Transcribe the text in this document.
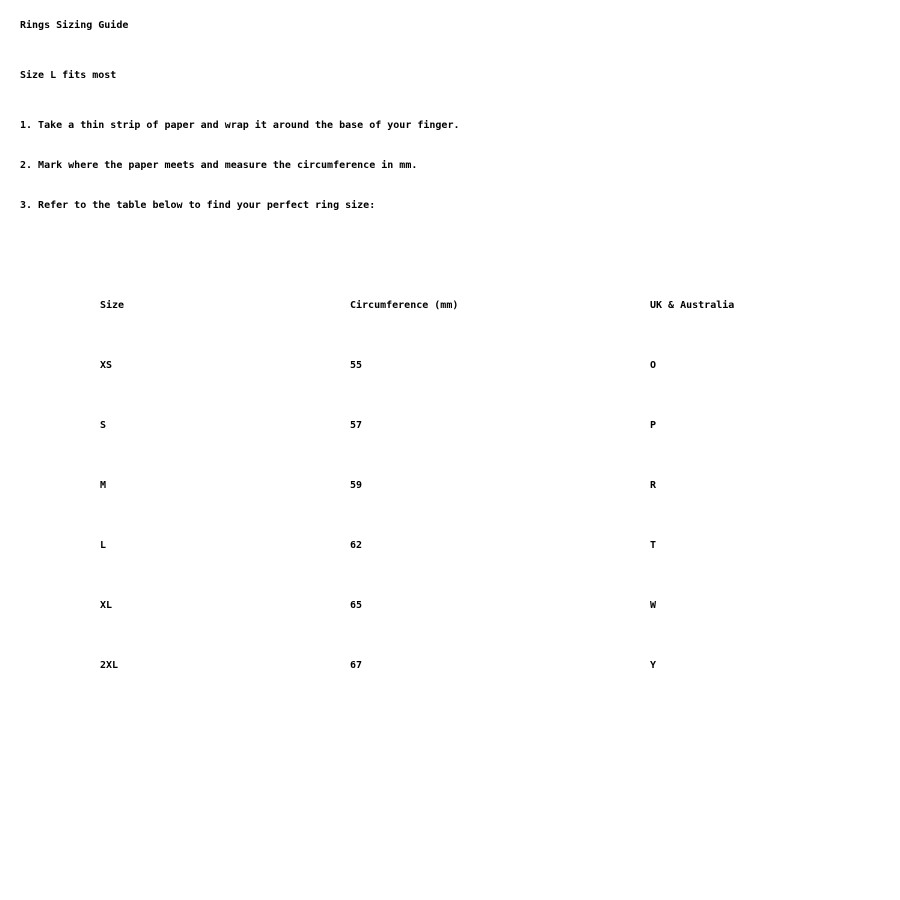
Rings Sizing Guide
Size L fits most
1. Take a thin strip of paper and wrap it around the base of your finger.
2. Mark where the paper meets and measure the circumference in mm.
3. Refer to the table below to find your perfect ring size:
Size	Circumference (mm)	UK & Australia
XS	55	O
S	57	P
M	59	R
L	62	T
XL	65	W
2XL	67	Y
